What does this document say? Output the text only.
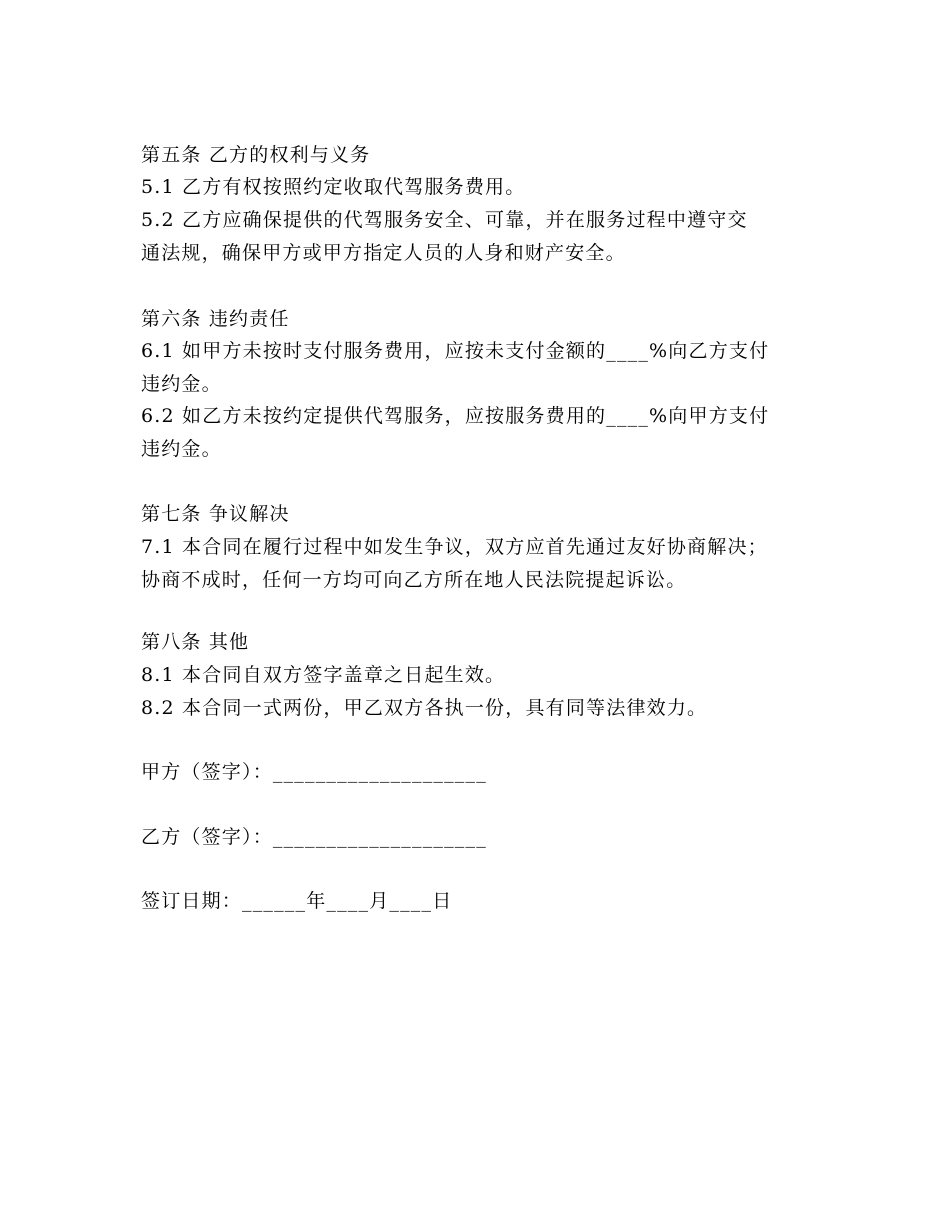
第五条 乙方的权利与义务
5.1 乙方有权按照约定收取代驾服务费用。
5.2 乙方应确保提供的代驾服务安全、可靠，并在服务过程中遵守交
通法规，确保甲方或甲方指定人员的人身和财产安全。
第六条 违约责任
6.1 如甲方未按时支付服务费用，应按未支付金额的____%向乙方支付
违约金。
6.2 如乙方未按约定提供代驾服务，应按服务费用的____%向甲方支付
违约金。
第七条 争议解决
7.1 本合同在履行过程中如发生争议，双方应首先通过友好协商解决；
协商不成时，任何一方均可向乙方所在地人民法院提起诉讼。
第八条 其他
8.1 本合同自双方签字盖章之日起生效。
8.2 本合同一式两份，甲乙双方各执一份，具有同等法律效力。
甲方（签字）：____________________
乙方（签字）：____________________
签订日期：______年____月____日
